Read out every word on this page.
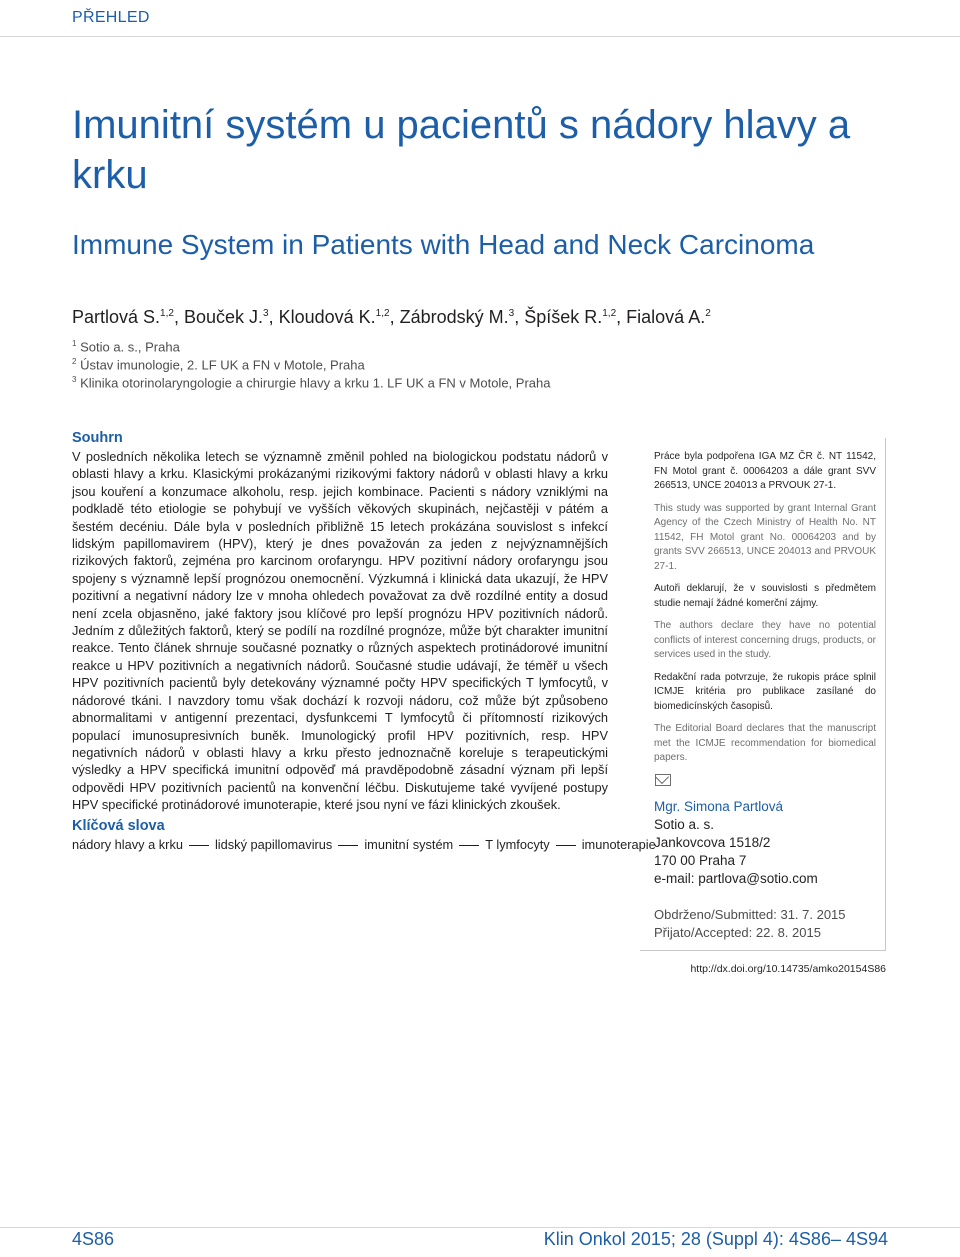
PŘEHLED
Imunitní systém u pacientů s nádory hlavy a krku
Immune System in Patients with Head and Neck Carcinoma
Partlová S.$^{1,2}$, Bouček J.$^3$, Kloudová K.$^{1,2}$, Zábrodský M.$^3$, Špíšek R.$^{1,2}$, Fialová A.$^2$
$^1$ Sotio a. s., Praha
$^2$ Ústav imunologie, 2. LF UK a FN v Motole, Praha
$^3$ Klinika otorinolaryngologie a chirurgie hlavy a krku 1. LF UK a FN v Motole, Praha
Souhrn

V posledních několika letech se významně změnil pohled na biologickou podstatu nádorů v oblasti hlavy a krku. Klasickými prokázanými rizikovými faktory nádorů v oblasti hlavy a krku jsou kouření a konzumace alkoholu, resp. jejich kombinace. Pacienti s nádory vzniklými na podkladě této etiologie se pohybují ve vyšších věkových skupinách, nejčastěji v pátém a šestém decéniu. Dále byla v posledních přibližně 15 letech prokázána souvislost s infekcí lidským papillomavirem (HPV), který je dnes považován za jeden z nejvýznamnějších rizikových faktorů, zejména pro karcinom orofaryngu. HPV pozitivní nádory orofaryngu jsou spojeny s významně lepší prognózou onemocnění. Výzkumná i klinická data ukazují, že HPV pozitivní a negativní nádory lze v mnoha ohledech považovat za dvě rozdílné entity a dosud není zcela objasněno, jaké faktory jsou klíčové pro lepší prognózu HPV pozitivních nádorů. Jedním z důležitých faktorů, který se podílí na rozdílné prognóze, může být charakter imunitní reakce. Tento článek shrnuje současné poznatky o různých aspektech protinádorové imunitní reakce u HPV pozitivních a negativních nádorů. Současné studie udávají, že téměř u všech HPV pozitivních pacientů byly detekovány významné počty HPV specifických T lymfocytů, v nádorové tkáni. I navzdory tomu však dochází k rozvoji nádoru, což může být způsobeno abnormalitami v antigenní prezentaci, dysfunkcemi T lymfocytů či přítomností rizikových populací imunosupresivních buněk. Imunologický profil HPV pozitivních, resp. HPV negativních nádorů v oblasti hlavy a krku přesto jednoznačně koreluje s terapeutickými výsledky a HPV specifická imunitní odpověď má pravděpodobně zásadní význam při lepší odpovědi HPV pozitivních pacientů na konvenční léčbu. Diskutujeme také vyvíjené postupy HPV specifické protinádorové imunoterapie, které jsou nyní ve fázi klinických zkoušek.

Klíčová slova
nádory hlavy a krku	lidský papillomavirus	imunitní systém	T lymfocyty	imunoterapie

Práce byla podpořena IGA MZ ČR č. NT 11542, FN Motol grant č. 00064203 a dále grant SVV 266513, UNCE 204013 a PRVOUK 27-1.

This study was supported by grant Internal Grant Agency of the Czech Ministry of Health No. NT 11542, FH Motol grant No. 00064203 and by grants SVV 266513, UNCE 204013 and PRVOUK 27-1.

Autoři deklarují, že v souvislosti s předmětem studie nemají žádné komerční zájmy.

The authors declare they have no potential conflicts of interest concerning drugs, products, or services used in the study.

Redakční rada potvrzuje, že rukopis práce splnil ICMJE kritéria pro publikace zasílané do biomedicínských časopisů.

The Editorial Board declares that the manuscript met the ICMJE recommendation for biomedical papers.

Mgr. Simona Partlová
Sotio a. s.
Jankovcova 1518/2
170 00 Praha 7
e-mail: partlova@sotio.com
Obdrženo/Submitted: 31. 7. 2015
Přijato/Accepted: 22. 8. 2015
http://dx.doi.org/10.14735/amko20154S86
4S86	Klin Onkol 2015; 28 (Suppl 4): 4S86– 4S94
